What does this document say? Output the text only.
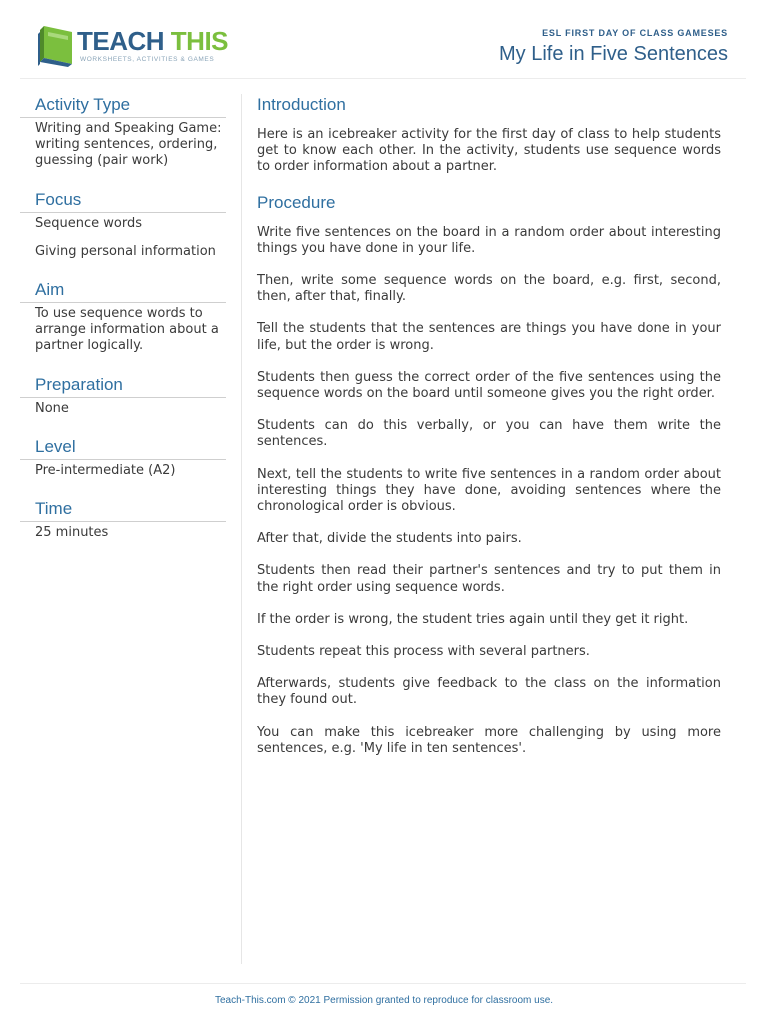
TEACH THIS
WORKSHEETS, ACTIVITIES & GAMES
ESL FIRST DAY OF CLASS GAMESES
My Life in Five Sentences
Activity Type
Writing and Speaking Game: writing sentences, ordering, guessing (pair work)
Focus
Sequence words
Giving personal information
Aim
To use sequence words to arrange information about a partner logically.
Preparation
None
Level
Pre-intermediate (A2)
Time
25 minutes
Introduction

Here is an icebreaker activity for the first day of class to help students get to know each other. In the activity, students use sequence words to order information about a partner.

Procedure

Write five sentences on the board in a random order about interesting things you have done in your life.

Then, write some sequence words on the board, e.g. first, second, then, after that, finally.

Tell the students that the sentences are things you have done in your life, but the order is wrong.

Students then guess the correct order of the five sentences using the sequence words on the board until someone gives you the right order.

Students can do this verbally, or you can have them write the sentences.

Next, tell the students to write five sentences in a random order about interesting things they have done, avoiding sentences where the chronological order is obvious.

After that, divide the students into pairs.

Students then read their partner's sentences and try to put them in the right order using sequence words.

If the order is wrong, the student tries again until they get it right.

Students repeat this process with several partners.

Afterwards, students give feedback to the class on the information they found out.

You can make this icebreaker more challenging by using more sentences, e.g. 'My life in ten sentences'.

Teach-This.com © 2021 Permission granted to reproduce for classroom use.
